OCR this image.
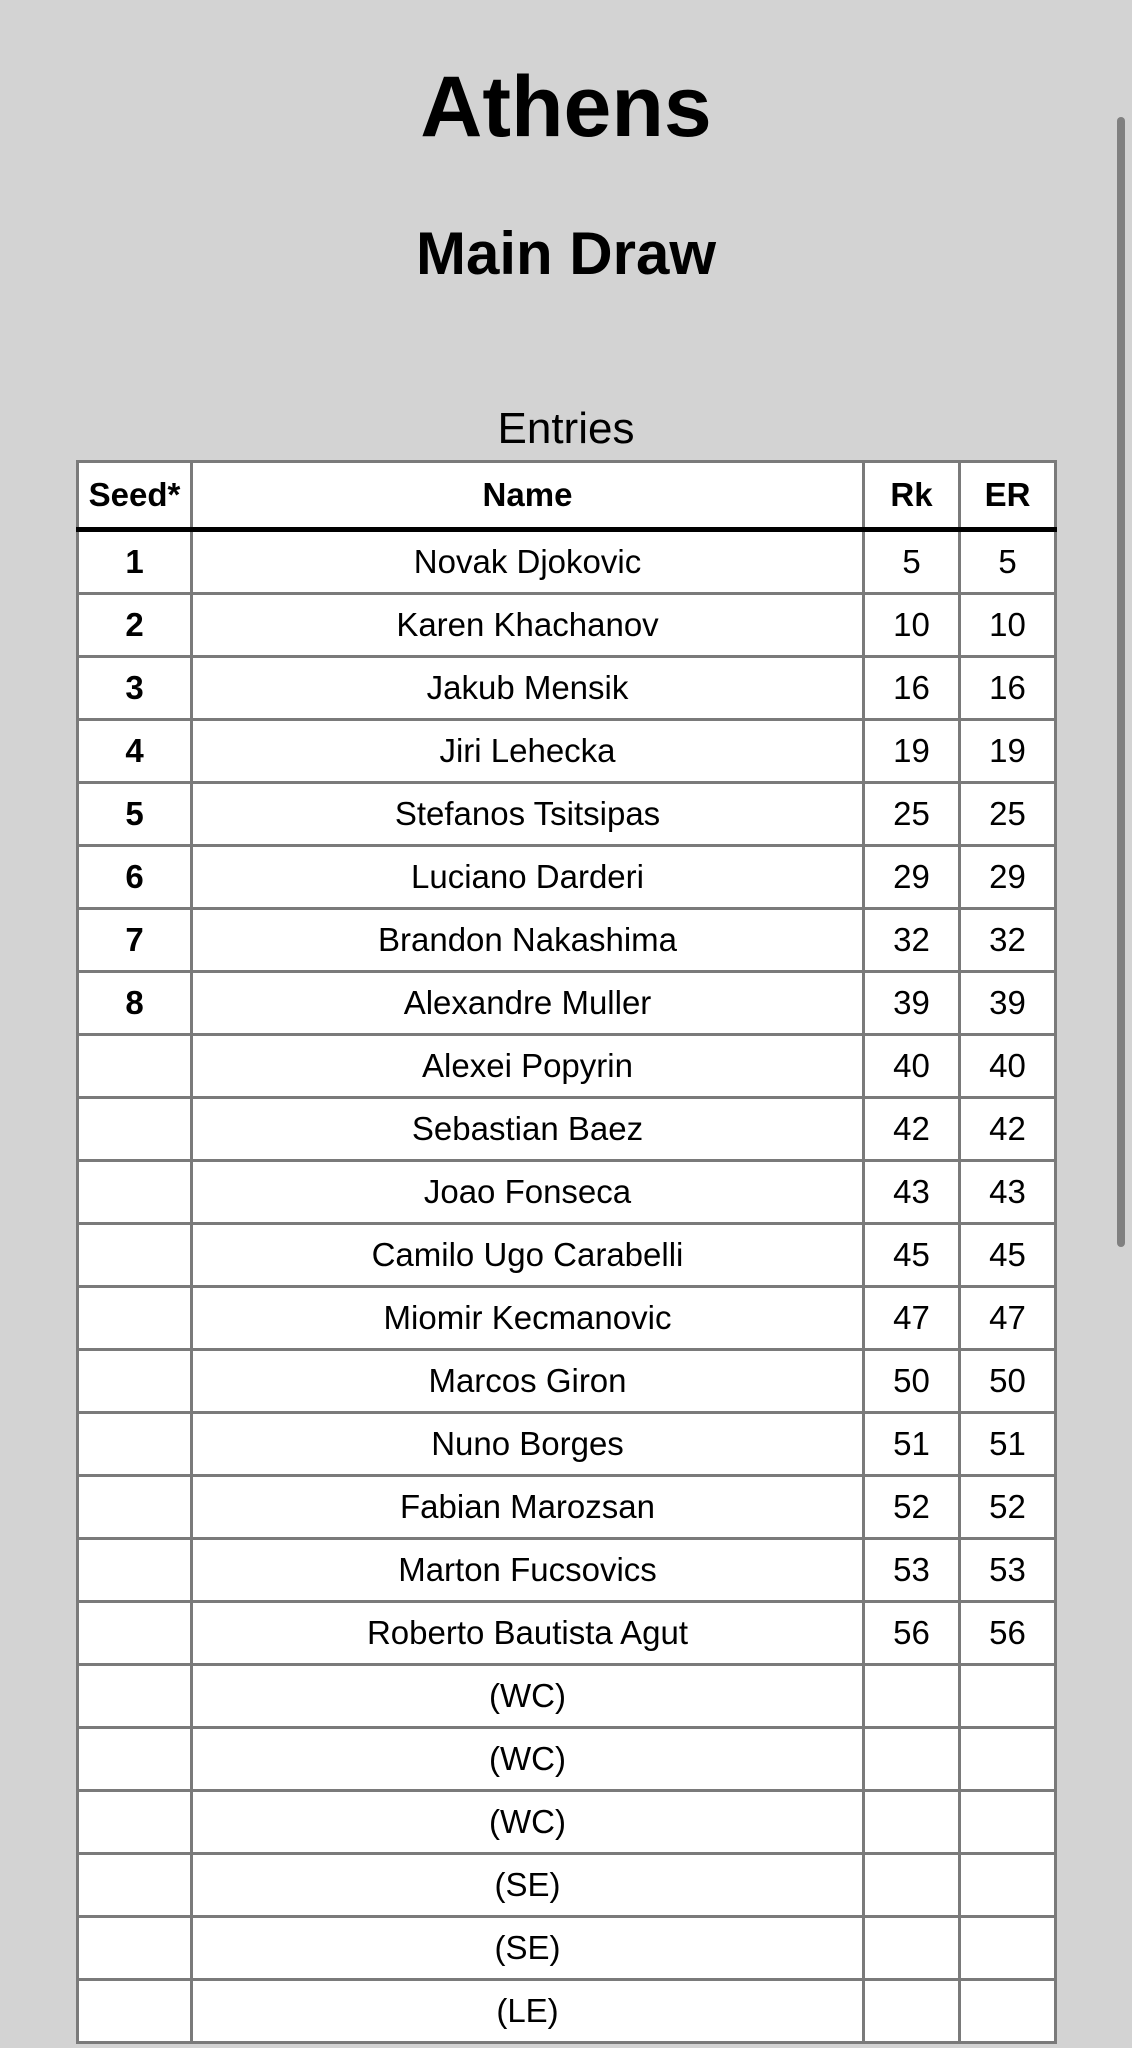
Athens
Main Draw
Entries
Seed*	Name	Rk	ER
1	Novak Djokovic	5	5
2	Karen Khachanov	10	10
3	Jakub Mensik	16	16
4	Jiri Lehecka	19	19
5	Stefanos Tsitsipas	25	25
6	Luciano Darderi	29	29
7	Brandon Nakashima	32	32
8	Alexandre Muller	39	39
	Alexei Popyrin	40	40
	Sebastian Baez	42	42
	Joao Fonseca	43	43
	Camilo Ugo Carabelli	45	45
	Miomir Kecmanovic	47	47
	Marcos Giron	50	50
	Nuno Borges	51	51
	Fabian Marozsan	52	52
	Marton Fucsovics	53	53
	Roberto Bautista Agut	56	56
	(WC)		
	(WC)		
	(WC)		
	(SE)		
	(SE)		
	(LE)		
